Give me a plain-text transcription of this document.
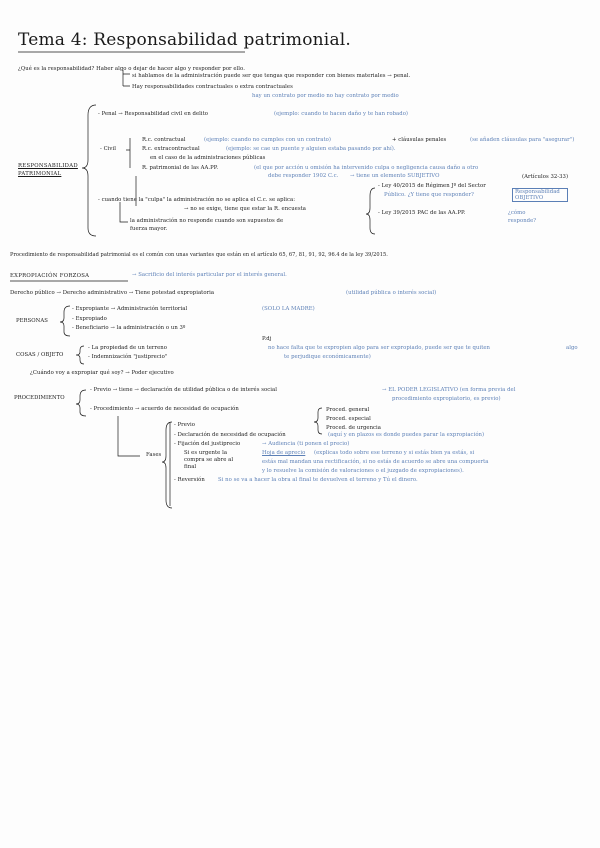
Tema 4: Responsabilidad patrimonial.
¿Qué es la responsabilidad? Haber algo o dejar de hacer algo y responder por ello.
si hablamos de la administración puede ser que tengas que responder con bienes materiales → penal.
Hay responsabilidades contractuales o extra contractuales
hay un contrato por medio no hay contrato por medio
RESPONSABILIDAD
PATRIMONIAL
- Penal → Responsabilidad civil en delito	(ejemplo: cuando te hacen daño y te han robado)
- Civil
R.c. contractual	(ejemplo: cuando no cumples con un contrato)	+ cláusulas penales	(se añaden cláusulas para "asegurar")
R.c. extracontractual	(ejemplo: se cae un puente y alguien estaba pasando por ahí).
en el caso de la administraciones públicas
R. patrimonial de las AA.PP.	(el que por acción u omisión ha intervenido culpa o negligencia causa daño a otro
debe responder 1902 C.c. → tiene un elemento SUBJETIVO	(Artículos 32-33)
- Ley 40/2015 de Régimen Jº del Sector
Público. ¿Y tiene que responder?	Responsabilidad OBJETIVO
- cuando tiene la "culpa" la administración no se aplica el C.c. se aplica:
→ no se exige, tiene que estar la R. encuesta
la administración no responde cuando son supuestos de
fuerza mayor.
- Ley 39/2015 PAC de las AA.PP.	¿cómo
responde?
Procedimiento de responsabilidad patrimonial es el común con unas variantes que están en el artículo 65, 67, 81, 91, 92, 96.4 de la ley 39/2015.
EXPROPIACIÓN FORZOSA	→ Sacrificio del interés particular por el interés general.
Derecho público → Derecho administrativo → Tiene potestad expropiatoria	(utilidad pública o interés social)
PERSONAS
- Expropiante → Administración territorial	(SOLO LA MADRE)
- Expropiado
- Beneficiario → la administración o un 3º
P.dj
COSAS / OBJETO
- La propiedad de un terreno	no hace falta que te expropien algo para ser expropiado, puede ser que te quiten	algo
- Indemnización "justiprecio"	te perjudique económicamente)
¿Cuándo voy a expropiar qué soy? → Poder ejecutivo
PROCEDIMIENTO
- Previo → tiene → declaración de utilidad pública o de interés social	→ EL PODER LEGISLATIVO (en forma previa del
procedimiento expropiatorio, es previo)
- Procedimiento → acuerdo de necesidad de ocupación	Proced. general
Proced. especial
Proced. de urgencia
Fases
- Previo
- Declaración de necesidad de ocupación	(aquí y en plazos es donde puedes parar la expropiación)
- Fijación del justiprecio	→ Audiencia (ti ponen el precio)
Si es urgente la
compra se abre al
final
Hoja de aprecio (explicas todo sobre ese terreno y si estás bien ya estás, si
estás mal mandan una rectificación, si no estás de acuerdo se abre una compuerta
y lo resuelve la comisión de valoraciones o el juzgado de expropiaciones).
- Reversión Si no se va a hacer la obra al final te devuelven el terreno y Tú el dinero.
